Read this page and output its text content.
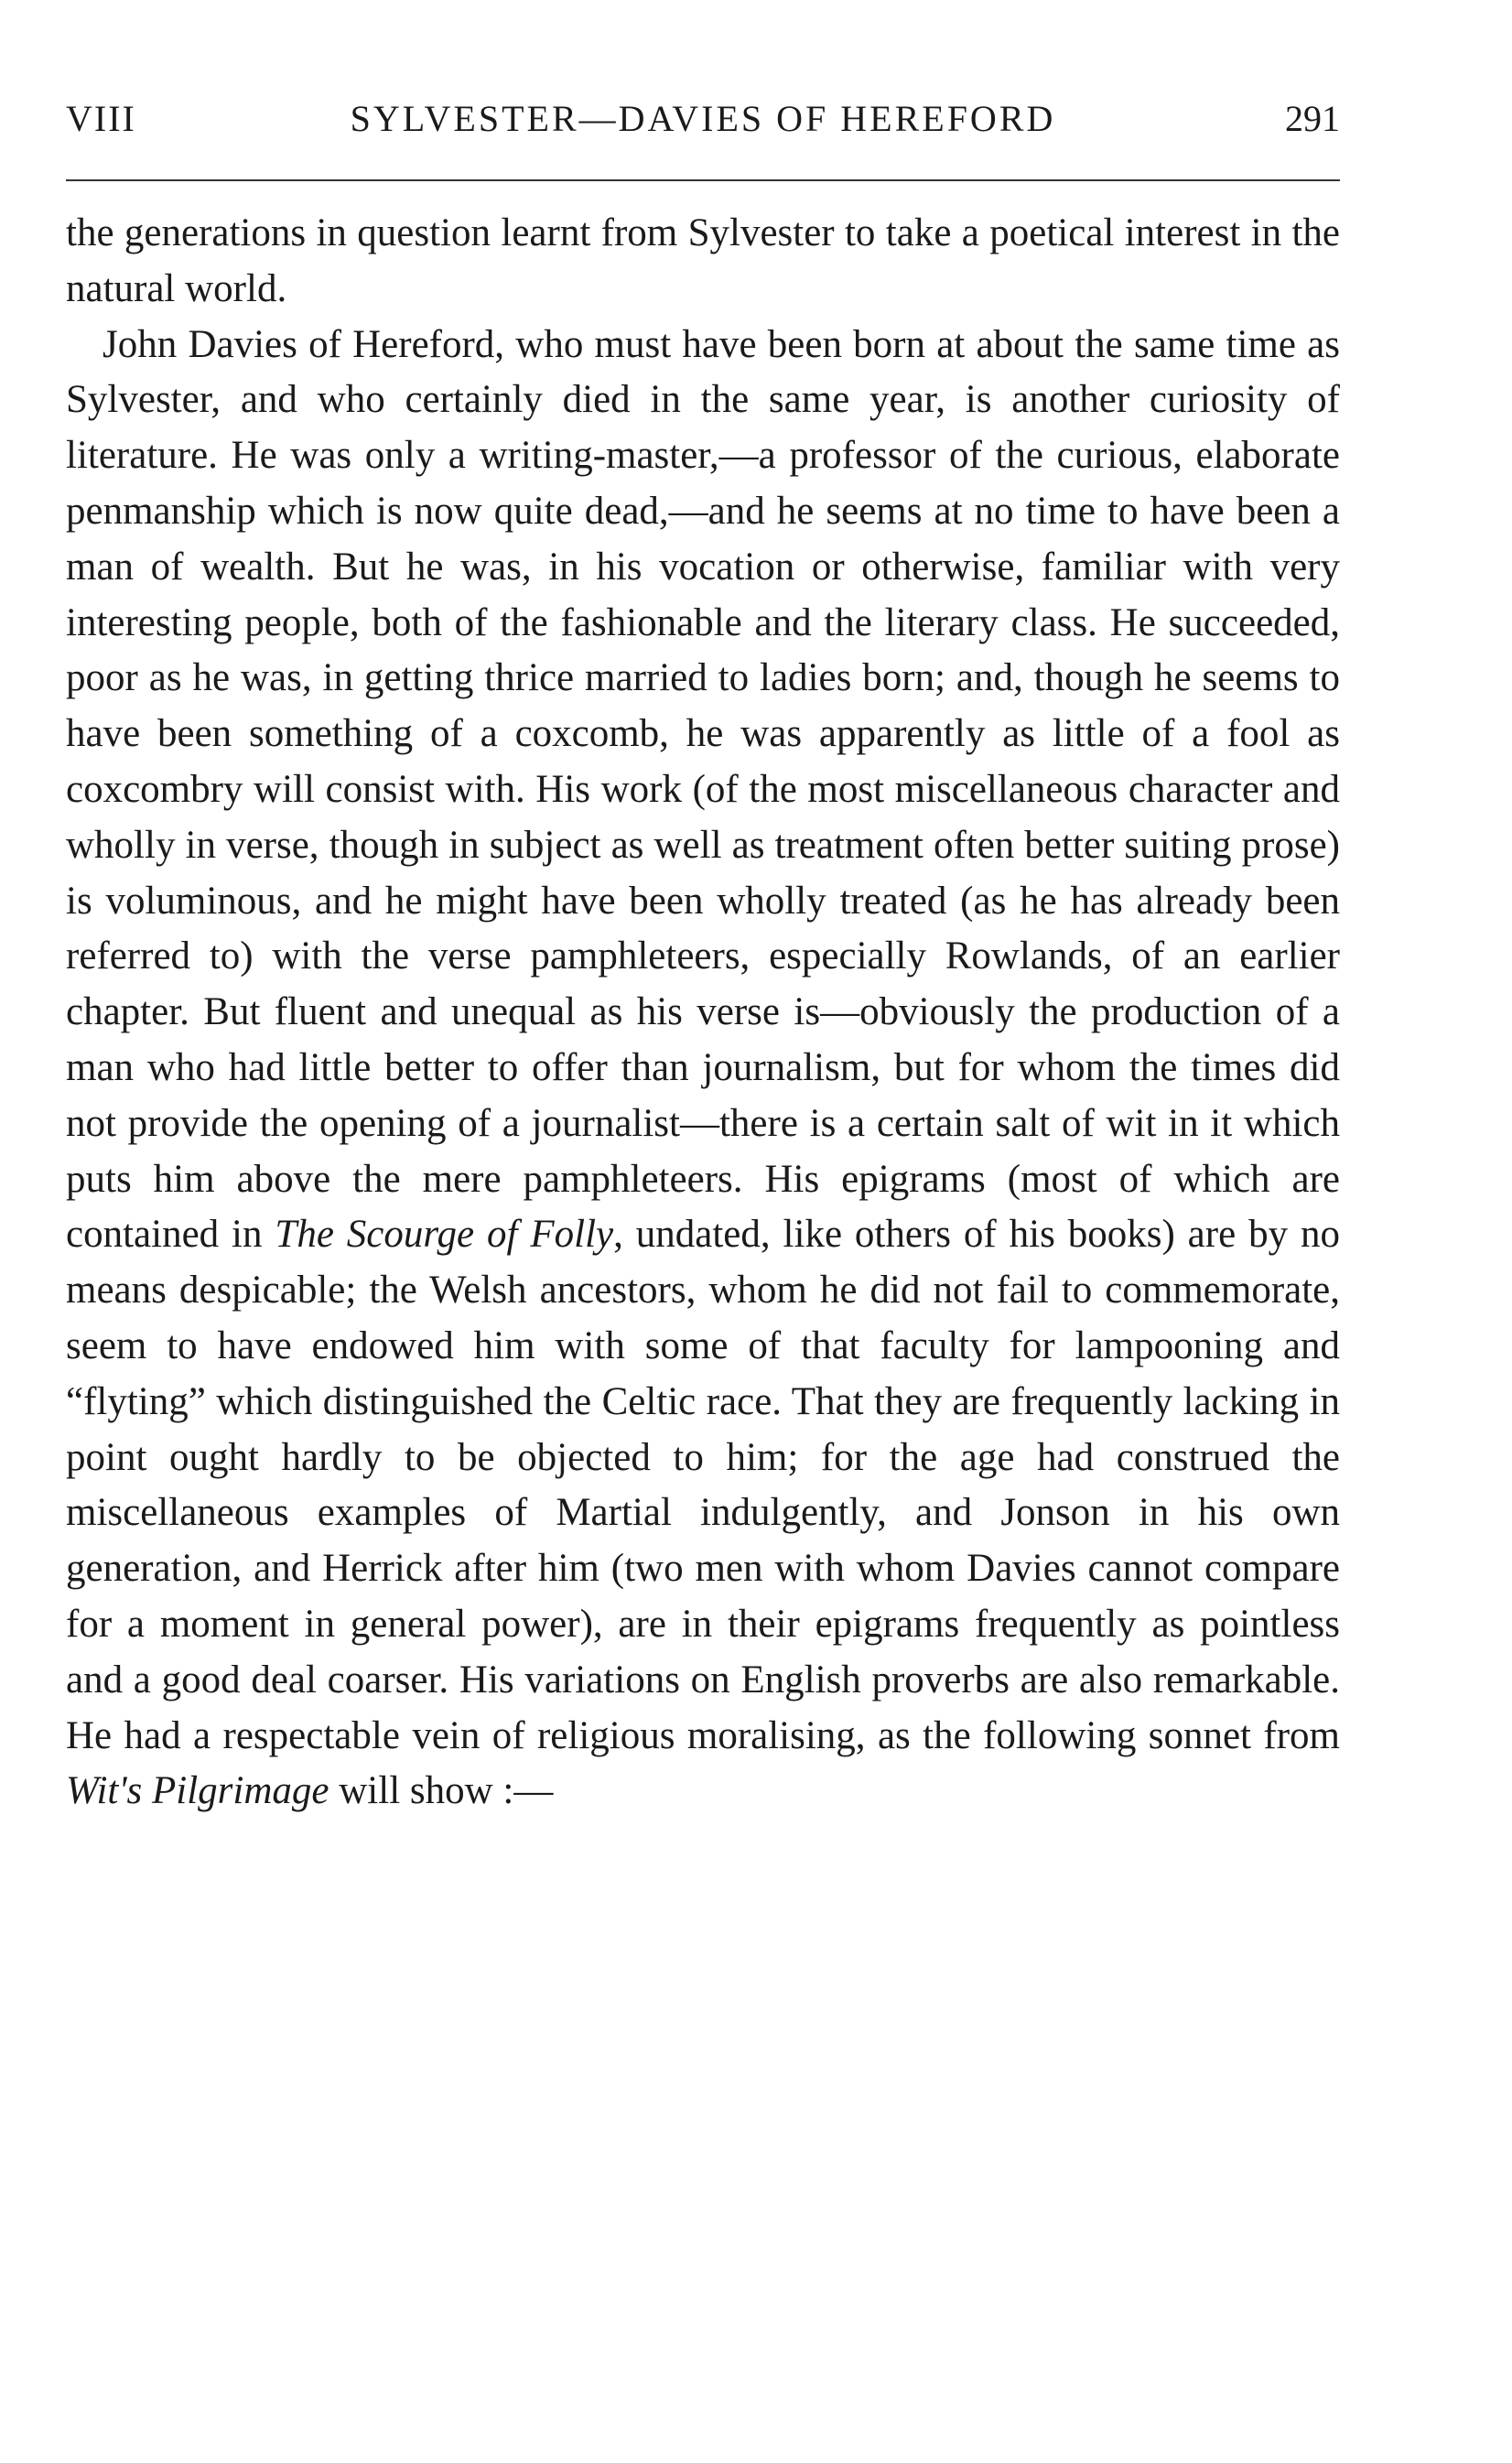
VIII	SYLVESTER—DAVIES OF HEREFORD	291

the generations in question learnt from Sylvester to take a poetical interest in the natural world.

John Davies of Hereford, who must have been born at about the same time as Sylvester, and who certainly died in the same year, is another curiosity of literature. He was only a writing-master,—a professor of the curious, elaborate penmanship which is now quite dead,—and he seems at no time to have been a man of wealth. But he was, in his vocation or otherwise, familiar with very interesting people, both of the fashionable and the literary class. He succeeded, poor as he was, in getting thrice married to ladies born; and, though he seems to have been something of a coxcomb, he was apparently as little of a fool as coxcombry will consist with. His work (of the most miscellaneous character and wholly in verse, though in subject as well as treatment often better suiting prose) is voluminous, and he might have been wholly treated (as he has already been referred to) with the verse pamphleteers, especially Rowlands, of an earlier chapter. But fluent and unequal as his verse is—obviously the production of a man who had little better to offer than journalism, but for whom the times did not provide the opening of a journalist—there is a certain salt of wit in it which puts him above the mere pamphleteers. His epigrams (most of which are contained in The Scourge of Folly, undated, like others of his books) are by no means despicable; the Welsh ancestors, whom he did not fail to commemorate, seem to have endowed him with some of that faculty for lampooning and “flyting” which distinguished the Celtic race. That they are frequently lacking in point ought hardly to be objected to him; for the age had construed the miscellaneous examples of Martial indulgently, and Jonson in his own generation, and Herrick after him (two men with whom Davies cannot compare for a moment in general power), are in their epigrams frequently as pointless and a good deal coarser. His variations on English proverbs are also remarkable. He had a respectable vein of religious moralising, as the following sonnet from Wit's Pilgrimage will show :—
